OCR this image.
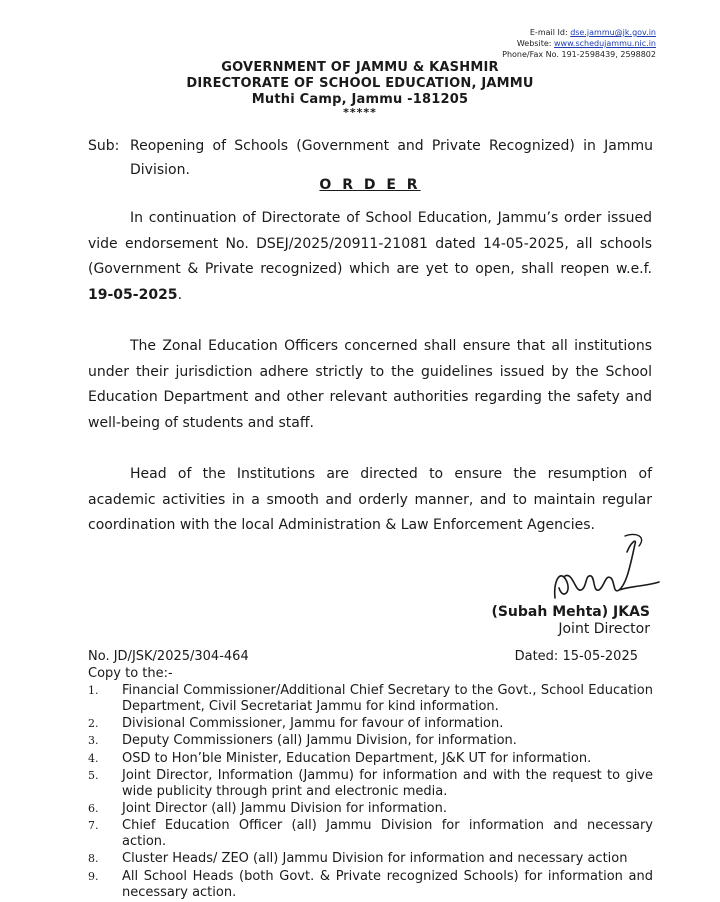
E-mail Id: dse.jammu@jk.gov.in
Website: www.schedujammu.nic.in
Phone/Fax No. 191-2598439, 2598802
GOVERNMENT OF JAMMU & KASHMIR
DIRECTORATE OF SCHOOL EDUCATION, JAMMU
Muthi Camp, Jammu -181205
*****
Sub: Reopening of Schools (Government and Private Recognized) in Jammu Division.
O R D E R
In continuation of Directorate of School Education, Jammu’s order issued vide endorsement No. DSEJ/2025/20911-21081 dated 14-05-2025, all schools (Government & Private recognized) which are yet to open, shall reopen w.e.f. 19-05-2025.
The Zonal Education Officers concerned shall ensure that all institutions under their jurisdiction adhere strictly to the guidelines issued by the School Education Department and other relevant authorities regarding the safety and well-being of students and staff.
Head of the Institutions are directed to ensure the resumption of academic activities in a smooth and orderly manner, and to maintain regular coordination with the local Administration & Law Enforcement Agencies.
(Subah Mehta) JKAS
Joint Director
No. JD/JSK/2025/304-464	Dated: 15-05-2025
Copy to the:-
1.	Financial Commissioner/Additional Chief Secretary to the Govt., School Education Department, Civil Secretariat Jammu for kind information.
2.	Divisional Commissioner, Jammu for favour of information.
3.	Deputy Commissioners (all) Jammu Division, for information.
4.	OSD to Hon’ble Minister, Education Department, J&K UT for information.
5.	Joint Director, Information (Jammu) for information and with the request to give wide publicity through print and electronic media.
6.	Joint Director (all) Jammu Division for information.
7.	Chief Education Officer (all) Jammu Division for information and necessary action.
8.	Cluster Heads/ ZEO (all) Jammu Division for information and necessary action
9.	All School Heads (both Govt. & Private recognized Schools) for information and necessary action.
